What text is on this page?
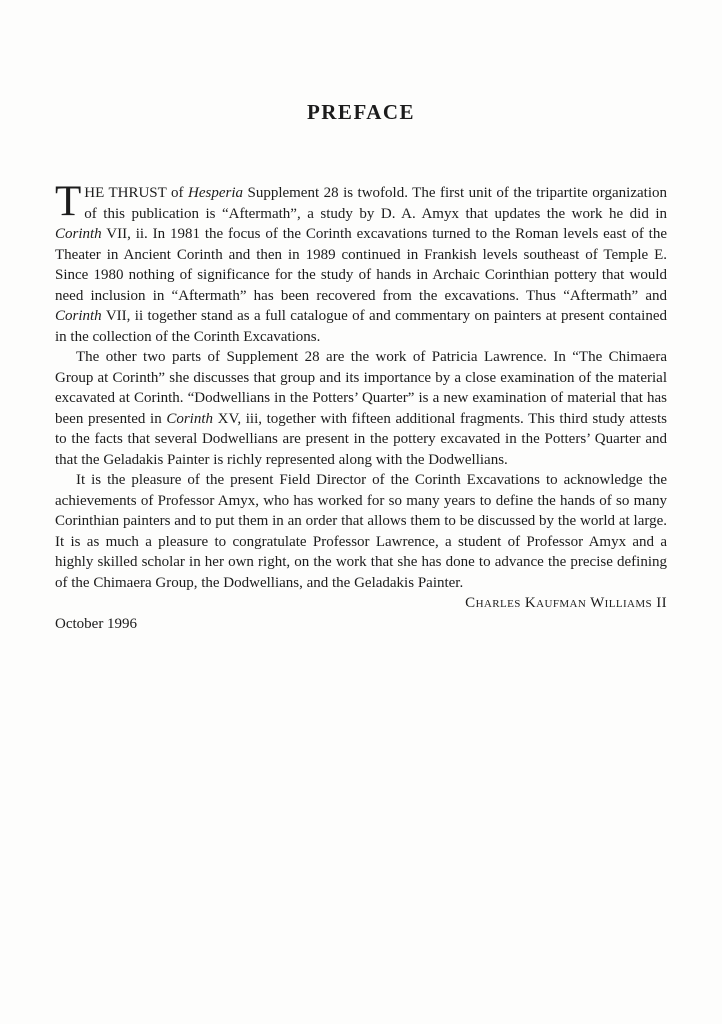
PREFACE

THE THRUST of Hesperia Supplement 28 is twofold. The first unit of the tripartite organization of this publication is “Aftermath”, a study by D. A. Amyx that updates the work he did in Corinth VII, ii. In 1981 the focus of the Corinth excavations turned to the Roman levels east of the Theater in Ancient Corinth and then in 1989 continued in Frankish levels southeast of Temple E. Since 1980 nothing of significance for the study of hands in Archaic Corinthian pottery that would need inclusion in “Aftermath” has been recovered from the excavations. Thus “Aftermath” and Corinth VII, ii together stand as a full catalogue of and commentary on painters at present contained in the collection of the Corinth Excavations.

The other two parts of Supplement 28 are the work of Patricia Lawrence. In “The Chimaera Group at Corinth” she discusses that group and its importance by a close examination of the material excavated at Corinth. “Dodwellians in the Potters’ Quarter” is a new examination of material that has been presented in Corinth XV, iii, together with fifteen additional fragments. This third study attests to the facts that several Dodwellians are present in the pottery excavated in the Potters’ Quarter and that the Geladakis Painter is richly represented along with the Dodwellians.

It is the pleasure of the present Field Director of the Corinth Excavations to acknowledge the achievements of Professor Amyx, who has worked for so many years to define the hands of so many Corinthian painters and to put them in an order that allows them to be discussed by the world at large. It is as much a pleasure to congratulate Professor Lawrence, a student of Professor Amyx and a highly skilled scholar in her own right, on the work that she has done to advance the precise defining of the Chimaera Group, the Dodwellians, and the Geladakis Painter.

Charles Kaufman Williams II
October 1996
